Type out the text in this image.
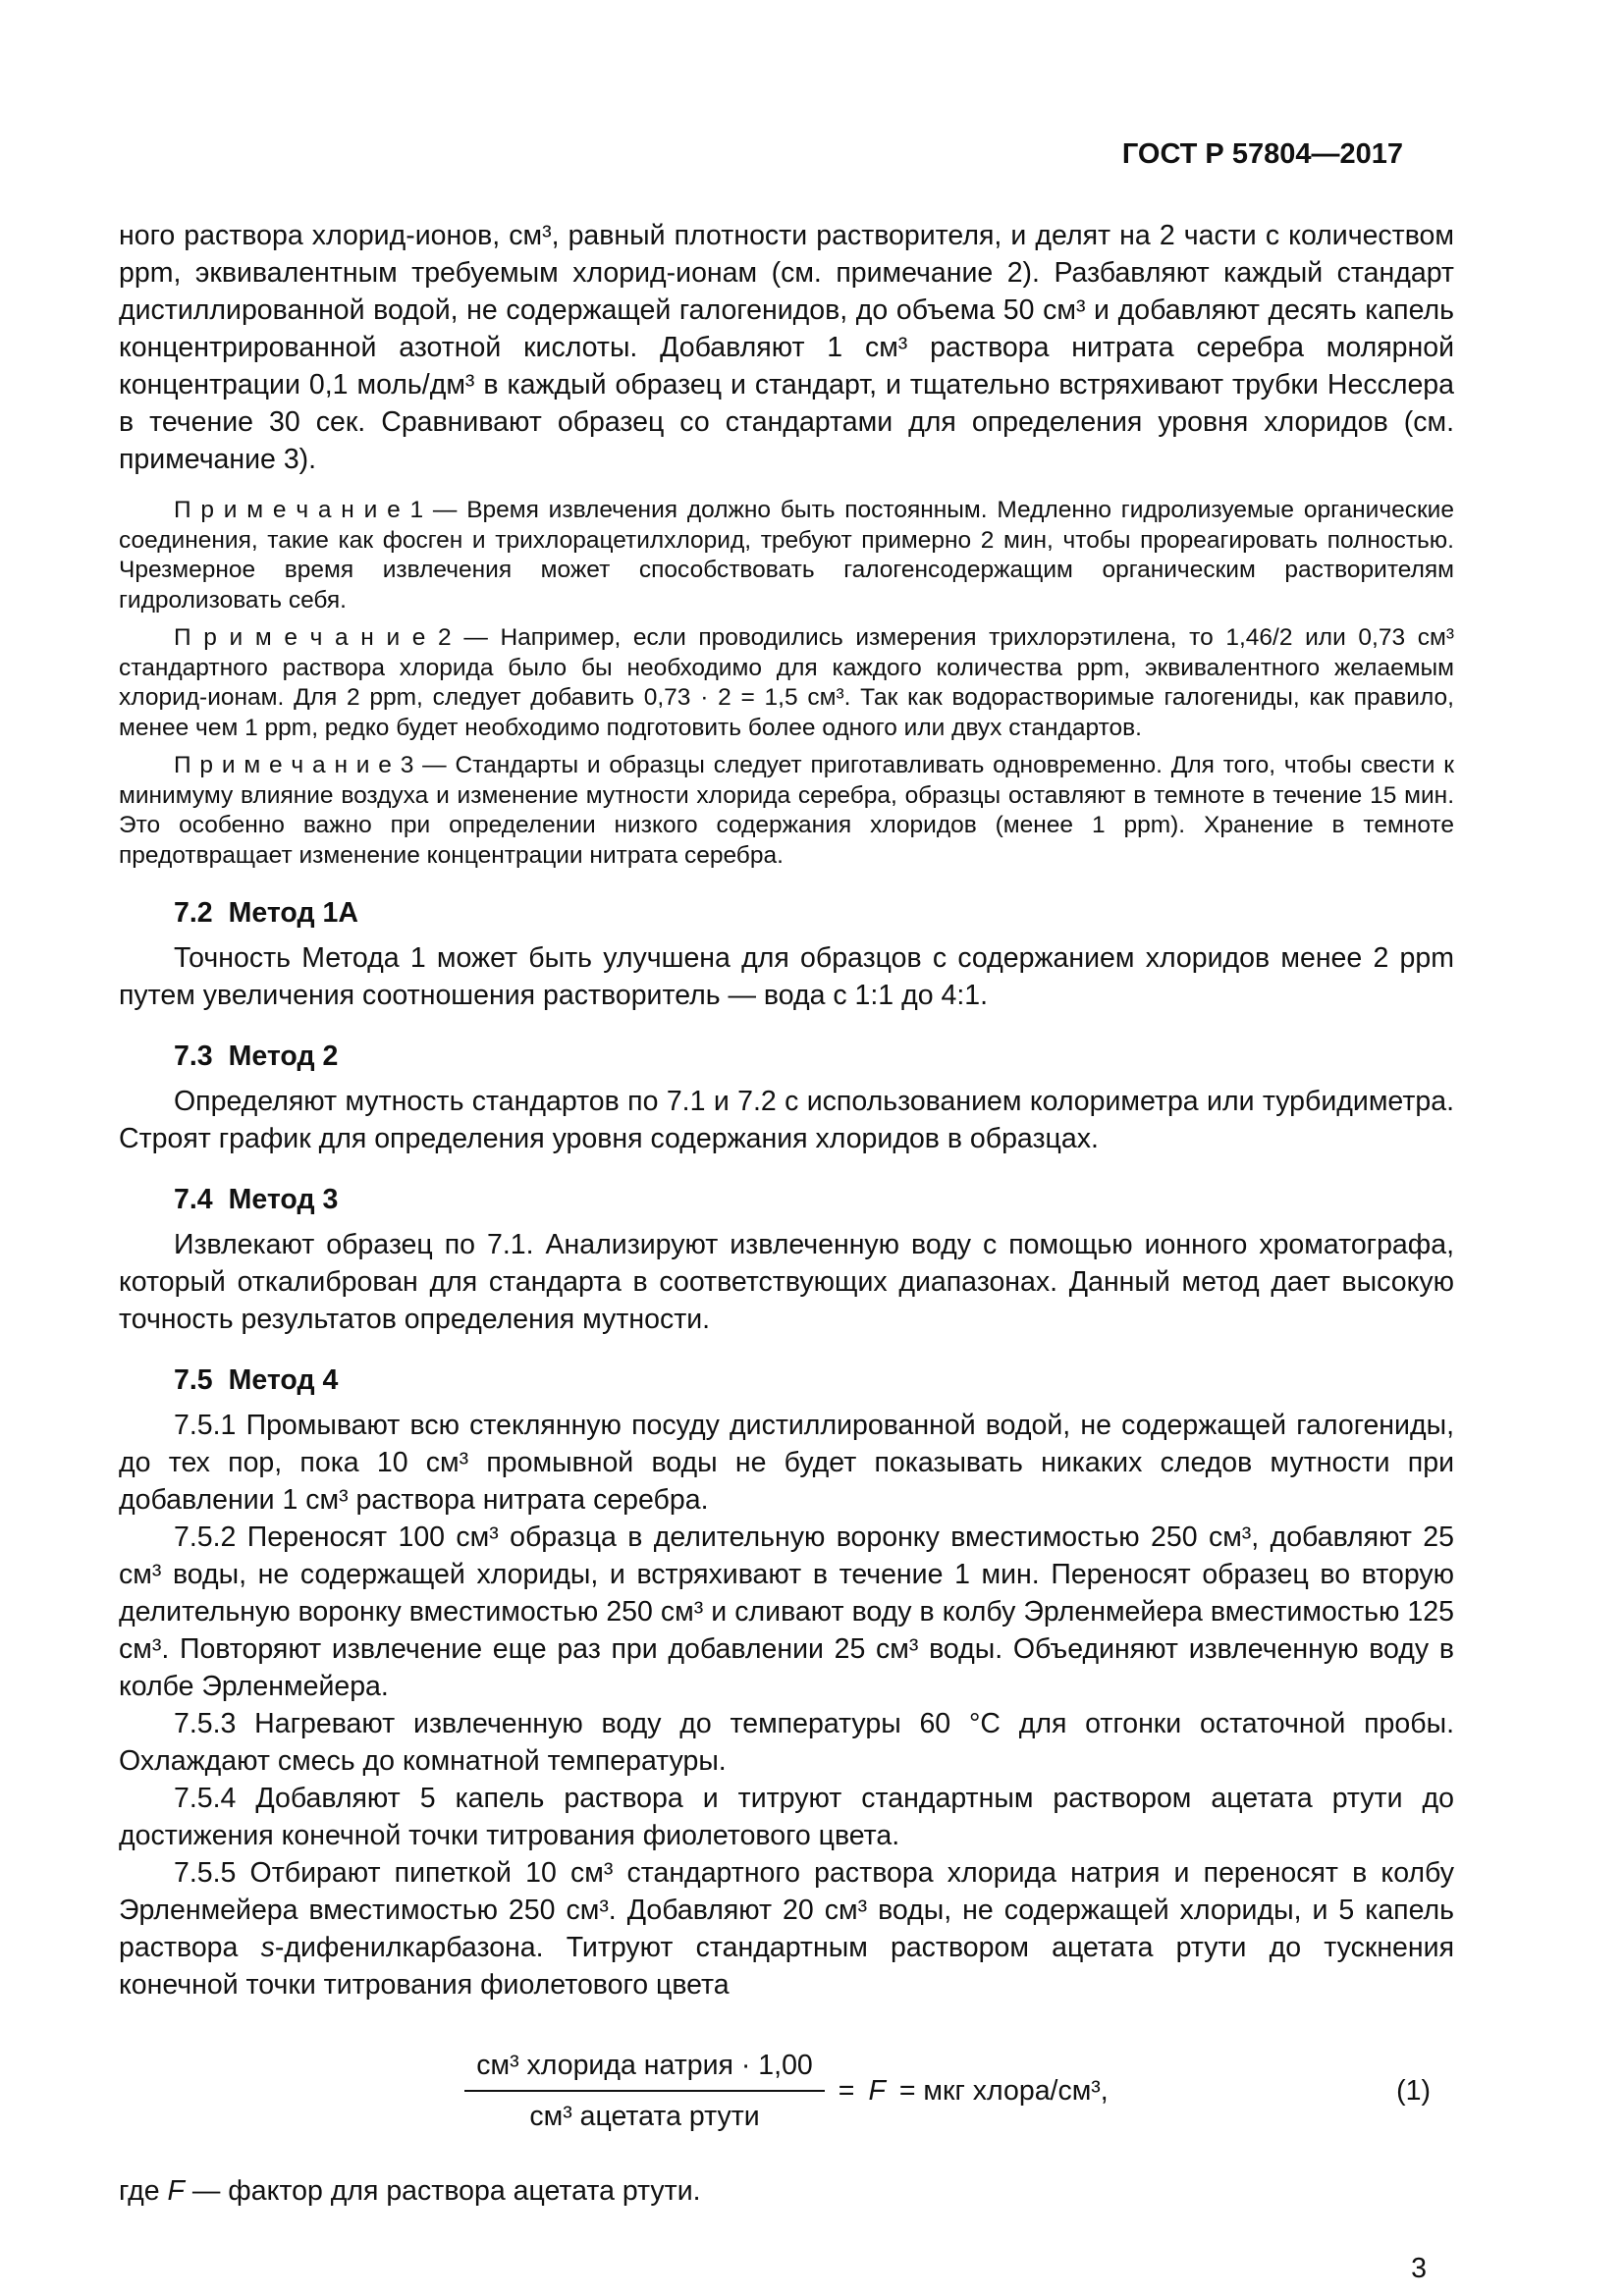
ГОСТ Р 57804—2017

ного раствора хлорид-ионов, см³, равный плотности растворителя, и делят на 2 части с количеством ppm, эквивалентным требуемым хлорид-ионам (см. примечание 2). Разбавляют каждый стандарт дистиллированной водой, не содержащей галогенидов, до объема 50 см³ и добавляют десять капель концентрированной азотной кислоты. Добавляют 1 см³ раствора нитрата серебра молярной концентрации 0,1 моль/дм³ в каждый образец и стандарт, и тщательно встряхивают трубки Несслера в течение 30 сек. Сравнивают образец со стандартами для определения уровня хлоридов (см. примечание 3).

П р и м е ч а н и е 1 — Время извлечения должно быть постоянным. Медленно гидролизуемые органические соединения, такие как фосген и трихлорацетилхлорид, требуют примерно 2 мин, чтобы прореагировать полностью. Чрезмерное время извлечения может способствовать галогенсодержащим органическим растворителям гидролизовать себя.

П р и м е ч а н и е 2 — Например, если проводились измерения трихлорэтилена, то 1,46/2 или 0,73 см³ стандартного раствора хлорида было бы необходимо для каждого количества ppm, эквивалентного желаемым хлорид-ионам. Для 2 ppm, следует добавить 0,73 · 2 = 1,5 см³. Так как водорастворимые галогениды, как правило, менее чем 1 ppm, редко будет необходимо подготовить более одного или двух стандартов.

П р и м е ч а н и е 3 — Стандарты и образцы следует приготавливать одновременно. Для того, чтобы свести к минимуму влияние воздуха и изменение мутности хлорида серебра, образцы оставляют в темноте в течение 15 мин. Это особенно важно при определении низкого содержания хлоридов (менее 1 ppm). Хранение в темноте предотвращает изменение концентрации нитрата серебра.

7.2 Метод 1А

Точность Метода 1 может быть улучшена для образцов с содержанием хлоридов менее 2 ppm путем увеличения соотношения растворитель — вода с 1:1 до 4:1.

7.3 Метод 2

Определяют мутность стандартов по 7.1 и 7.2 с использованием колориметра или турбидиметра. Строят график для определения уровня содержания хлоридов в образцах.

7.4 Метод 3

Извлекают образец по 7.1. Анализируют извлеченную воду с помощью ионного хроматографа, который откалиброван для стандарта в соответствующих диапазонах. Данный метод дает высокую точность результатов определения мутности.

7.5 Метод 4

7.5.1 Промывают всю стеклянную посуду дистиллированной водой, не содержащей галогениды, до тех пор, пока 10 см³ промывной воды не будет показывать никаких следов мутности при добавлении 1 см³ раствора нитрата серебра.

7.5.2 Переносят 100 см³ образца в делительную воронку вместимостью 250 см³, добавляют 25 см³ воды, не содержащей хлориды, и встряхивают в течение 1 мин. Переносят образец во вторую делительную воронку вместимостью 250 см³ и сливают воду в колбу Эрленмейера вместимостью 125 см³. Повторяют извлечение еще раз при добавлении 25 см³ воды. Объединяют извлеченную воду в колбе Эрленмейера.

7.5.3 Нагревают извлеченную воду до температуры 60 °С для отгонки остаточной пробы. Охлаждают смесь до комнатной температуры.

7.5.4 Добавляют 5 капель раствора и титруют стандартным раствором ацетата ртути до достижения конечной точки титрования фиолетового цвета.

7.5.5 Отбирают пипеткой 10 см³ стандартного раствора хлорида натрия и переносят в колбу Эрленмейера вместимостью 250 см³. Добавляют 20 см³ воды, не содержащей хлориды, и 5 капель раствора s-дифенилкарбазона. Титруют стандартным раствором ацетата ртути до тускнения конечной точки титрования фиолетового цвета

$\frac{\text{см³ хлорида натрия · 1,00}}{\text{см³ ацетата ртути}} = F$ = мкг хлора/см³,	(1)

где F — фактор для раствора ацетата ртути.

3
